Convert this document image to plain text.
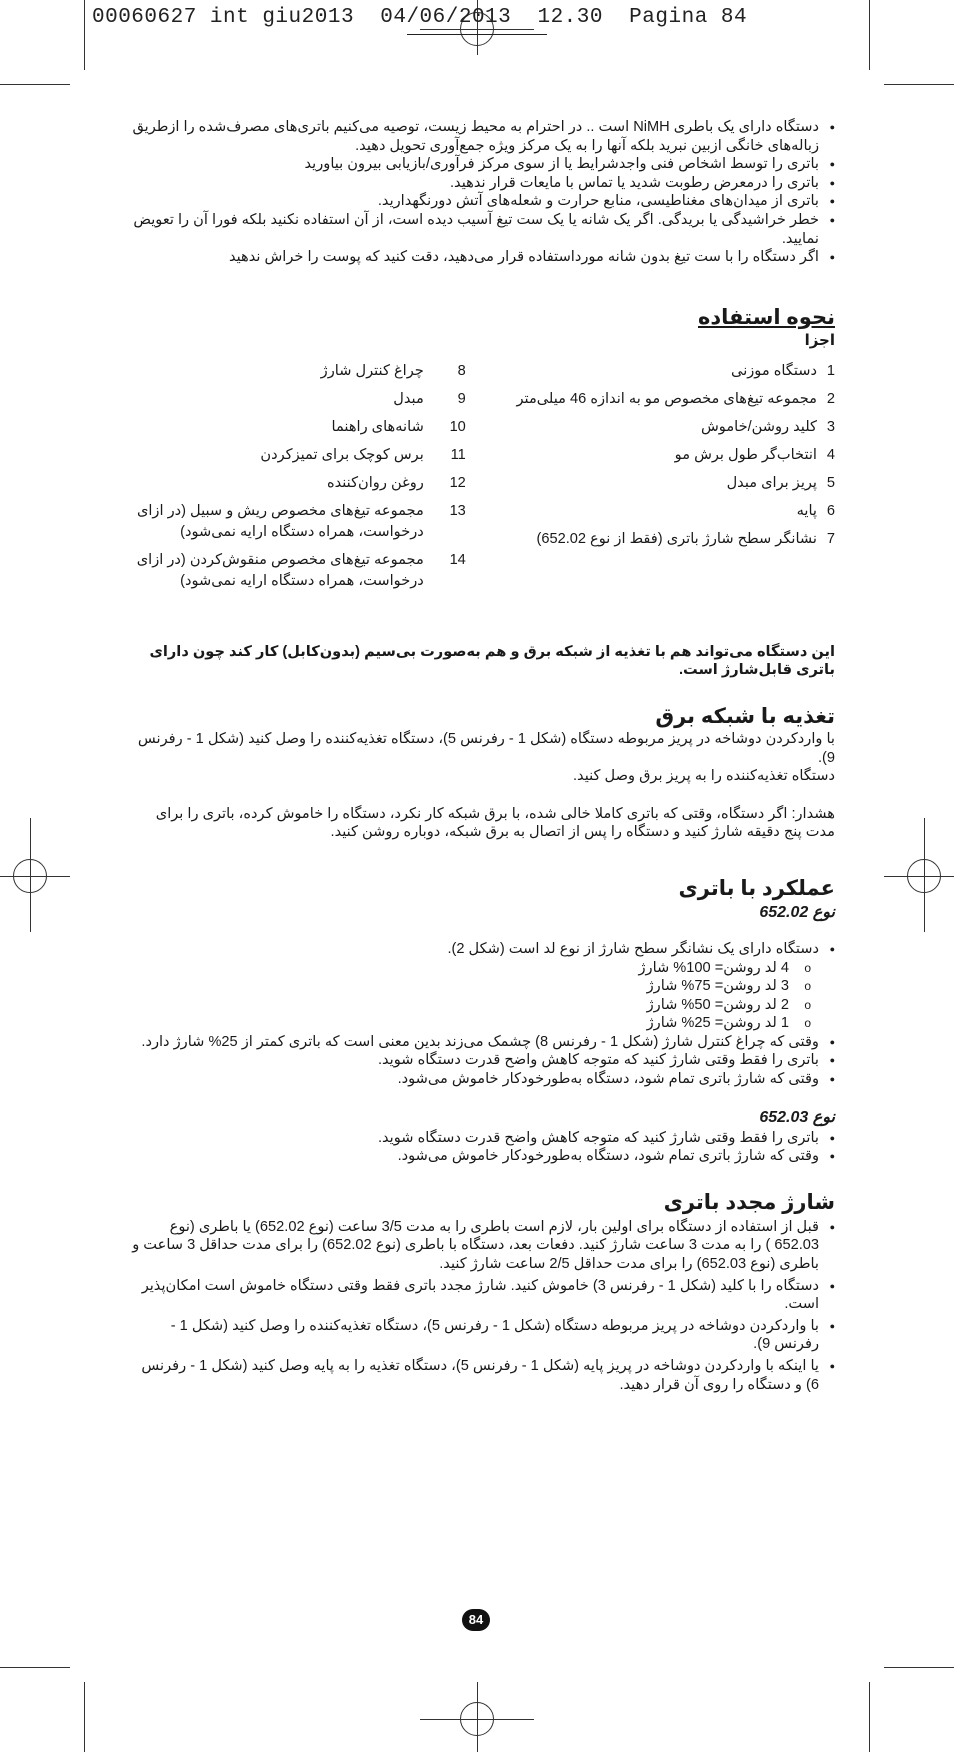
00060627 int giu2013  04/06/2013  12.30  Pagina 84
● دستگاه دارای یک باطری NiMH است .. در احترام به محیط زیست، توصیه می‌کنیم باتری‌های مصرف‌شده را ازطریق زباله‌های خانگی ازبین نبرید بلکه آنها را به یک مرکز ویژه جمع‌آوری تحویل دهید.
● باتری را توسط اشخاص فنی واجدشرایط یا از سوی مرکز فرآوری/بازیابی بیرون بیاورید
● باتری را درمعرض رطوبت شدید یا تماس با مایعات قرار ندهید.
● باتری از میدان‌های مغناطیسی، منابع حرارت و شعله‌های آتش دورنگهدارید.
● خطر خراشیدگی یا بریدگی. اگر یک شانه یا یک ست تیغ آسیب دیده است، از آن استفاده نکنید بلکه فورا آن را تعویض نمایید.
● اگر دستگاه را با ست تیغ بدون شانه مورداستفاده قرار می‌دهید، دقت کنید که پوست را خراش ندهید
نحوه استفاده
اجزا
1
دستگاه موزنی
2
مجموعه تیغ‌های مخصوص مو به اندازه 46 میلی‌متر
3
کلید روشن/خاموش
4
انتخاب‌گر طول برش مو
5
پریز برای مبدل
6
پایه
7
نشانگر سطح شارژ باتری (فقط از نوع 652.02)
8
چراغ کنترل شارژ
9
مبدل
10
شانه‌های راهنما
11
برس کوچک برای تمیزکردن
12
روغن روان‌کننده
13
مجموعه تیغ‌های مخصوص ریش و سبیل (در ازای درخواست، همراه دستگاه ارایه نمی‌شود)
14
مجموعه تیغ‌های مخصوص منقوش‌کردن (در ازای درخواست، همراه دستگاه ارایه نمی‌شود)
این دستگاه می‌تواند هم با تغذیه از شبکه برق و هم به‌صورت بی‌سیم (بدون‌کابل) کار کند چون دارای باتری قابل‌شارژ است.
تغذیه با شبکه برق
با واردکردن دوشاخه در پریز مربوطه دستگاه (شکل 1 - رفرنس 5)، دستگاه تغذیه‌کننده را وصل کنید (شکل 1 - رفرنس 9).
دستگاه تغذیه‌کننده را به پریز برق وصل کنید.
هشدار: اگر دستگاه، وقتی که باتری کاملا خالی شده، با برق شبکه کار نکرد، دستگاه را خاموش کرده، باتری را برای مدت پنج دقیقه شارژ کنید و دستگاه را پس از اتصال به برق شبکه، دوباره روشن کنید.
عملکرد با باتری
نوع 652.02
● دستگاه دارای یک نشانگر سطح شارژ از نوع لد است (شکل 2).
o 4 لد روشن= 100% شارژ
o 3 لد روشن= 75% شارژ
o 2 لد روشن= 50% شارژ
o 1 لد روشن= 25% شارژ
● وقتی که چراغ کنترل شارژ (شکل 1 - رفرنس 8) چشمک می‌زند بدین معنی است که باتری کمتر از 25% شارژ دارد.
● باتری را فقط وقتی شارژ کنید که متوجه کاهش واضح قدرت دستگاه شوید.
● وقتی که شارژ باتری تمام شود، دستگاه به‌طورخودکار خاموش می‌شود.
نوع 652.03
● باتری را فقط وقتی شارژ کنید که متوجه کاهش واضح قدرت دستگاه شوید.
● وقتی که شارژ باتری تمام شود، دستگاه به‌طورخودکار خاموش می‌شود.
شارژ مجدد باتری
● قبل از استفاده از دستگاه برای اولین بار، لازم است باطری را به مدت 3/5 ساعت (نوع 652.02) یا باطری (نوع 652.03 ) را به مدت 3 ساعت شارژ کنید. دفعات بعد، دستگاه با باطری (نوع 652.02) را برای مدت حداقل 3 ساعت و باطری (نوع 652.03) را برای مدت حداقل 2/5 ساعت شارژ کنید.
● دستگاه را با کلید (شکل 1 - رفرنس 3) خاموش کنید. شارژ مجدد باتری فقط وقتی دستگاه خاموش است امکان‌پذیر است.
● با واردکردن دوشاخه در پریز مربوطه دستگاه (شکل 1 - رفرنس 5)، دستگاه تغذیه‌کننده را وصل کنید (شکل 1 - رفرنس 9).
● یا اینکه با واردکردن دوشاخه در پریز پایه (شکل 1 - رفرنس 5)، دستگاه تغذیه را به پایه وصل کنید (شکل 1 - رفرنس 6) و دستگاه را روی آن قرار دهید.
84
